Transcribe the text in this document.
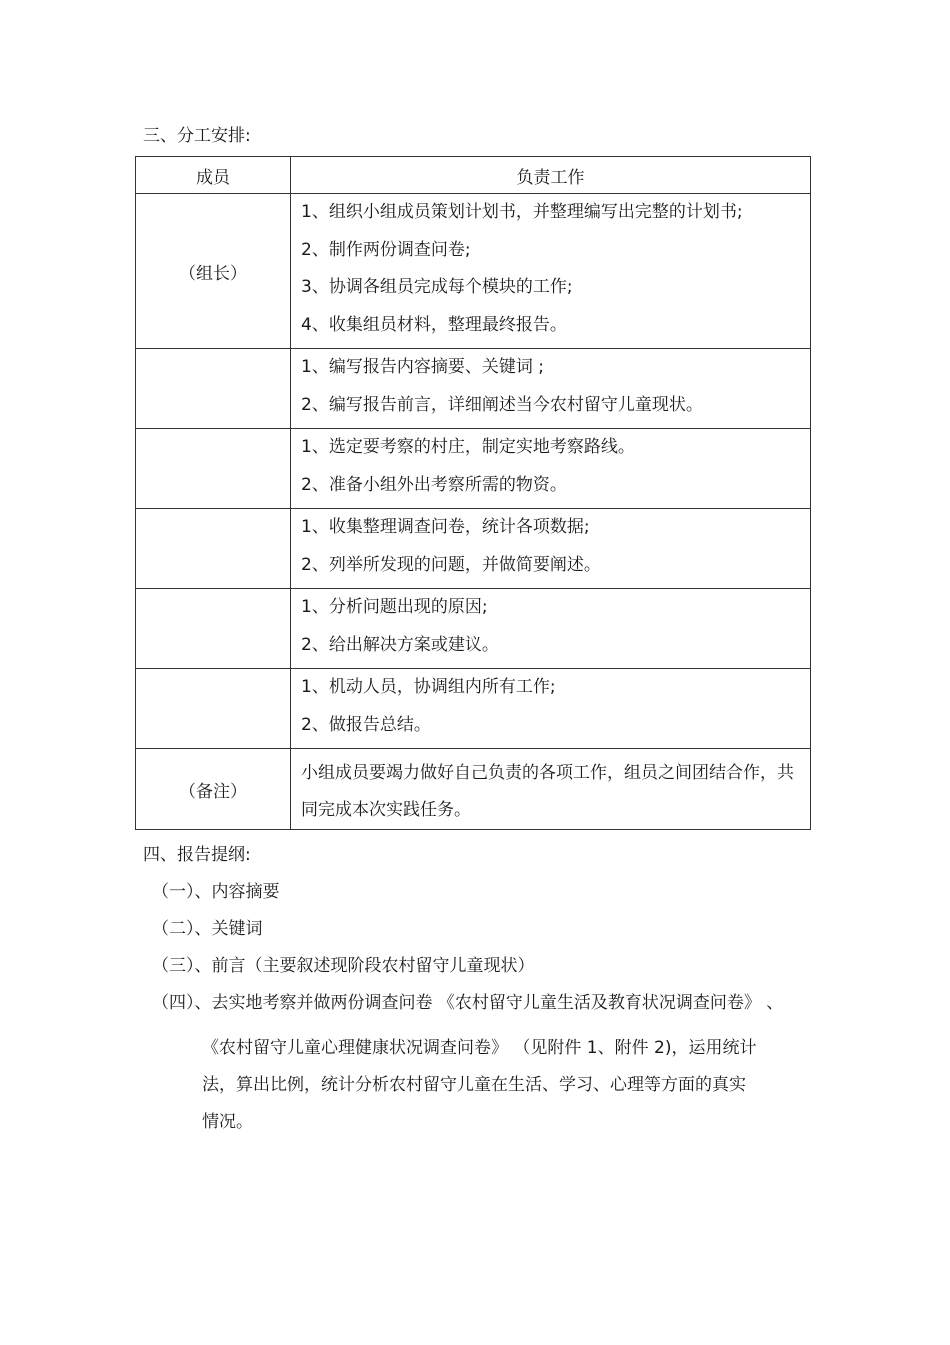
三、分工安排:
成员	负责工作
（组长）	1、组织小组成员策划计划书，并整理编写出完整的计划书;
2、制作两份调查问卷;
3、协调各组员完成每个模块的工作;
4、收集组员材料，整理最终报告。

	1、编写报告内容摘要、关键词 ;
2、编写报告前言，详细阐述当今农村留守儿童现状。

	1、选定要考察的村庄，制定实地考察路线。
2、准备小组外出考察所需的物资。

	1、收集整理调查问卷，统计各项数据;
2、列举所发现的问题，并做简要阐述。

	1、分析问题出现的原因;
2、给出解决方案或建议。

	1、机动人员，协调组内所有工作;
2、做报告总结。

（备注）	小组成员要竭力做好自己负责的各项工作，组员之间团结合作，共同完成本次实践任务。
四、报告提纲:
（一）、内容摘要
（二）、关键词
（三）、前言（主要叙述现阶段农村留守儿童现状）
（四）、去实地考察并做两份调查问卷 《农村留守儿童生活及教育状况调查问卷》 、
《农村留守儿童心理健康状况调查问卷》 （见附件 1、附件 2)，运用统计
法，算出比例，统计分析农村留守儿童在生活、学习、心理等方面的真实
情况。
